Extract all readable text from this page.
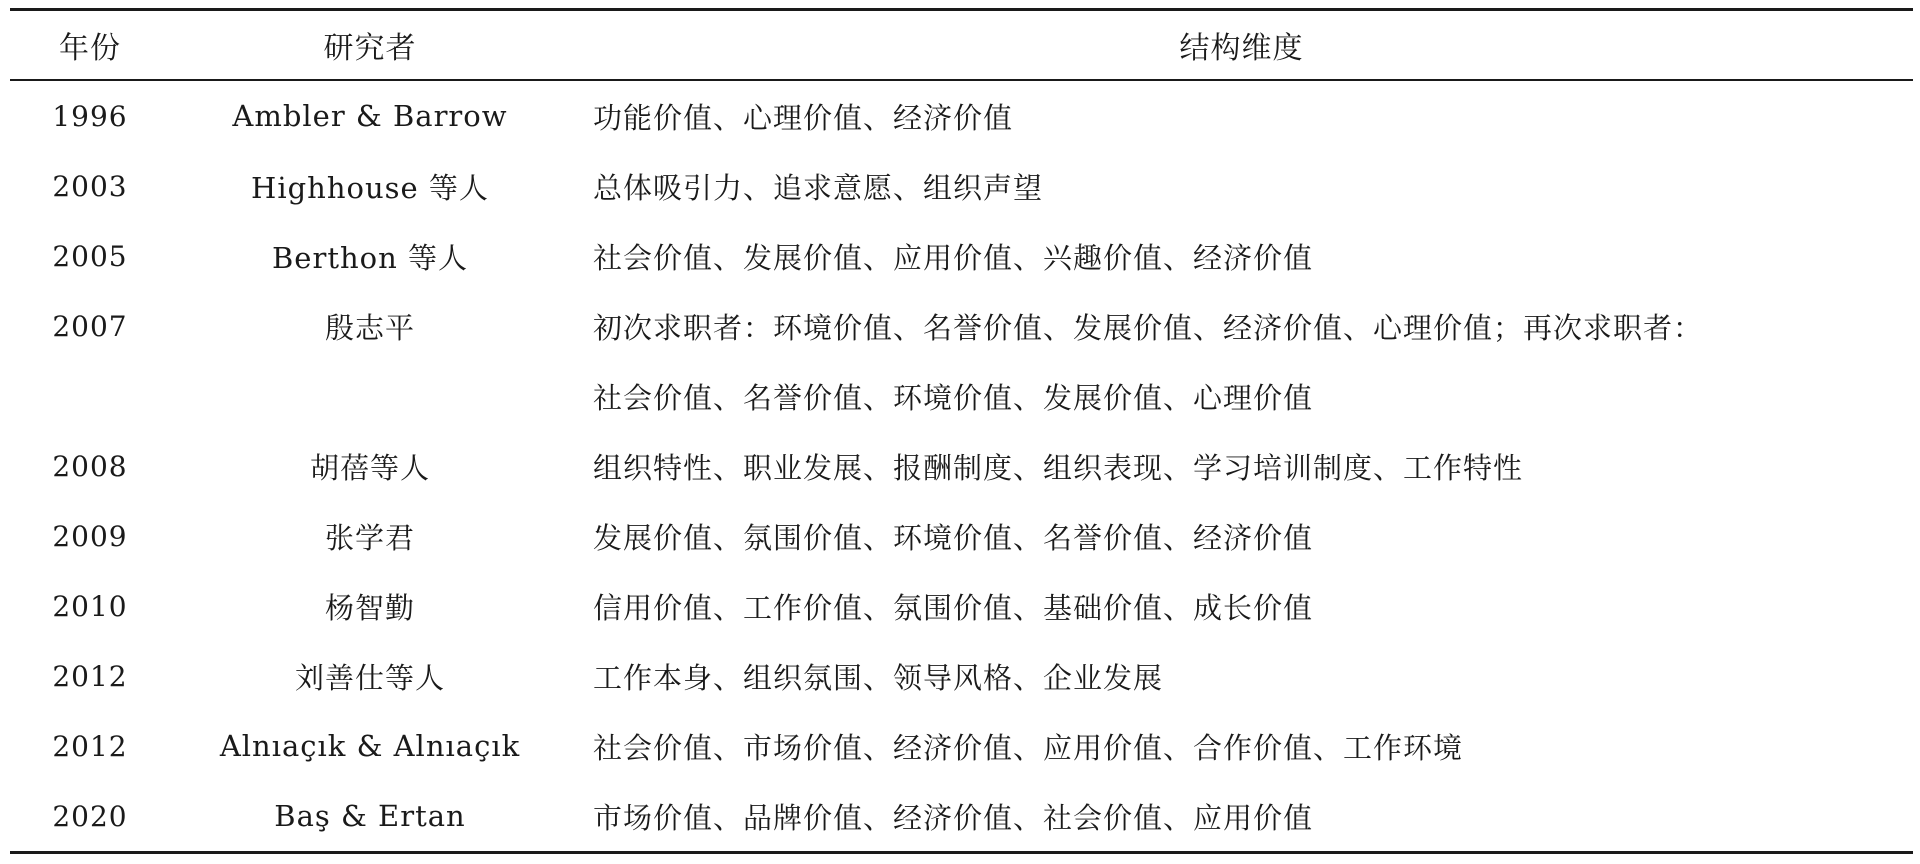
年份	研究者	结构维度
1996	Ambler & Barrow	功能价值、心理价值、经济价值
2003	Highhouse 等人	总体吸引力、追求意愿、组织声望
2005	Berthon 等人	社会价值、发展价值、应用价值、兴趣价值、经济价值
2007	殷志平	初次求职者：环境价值、名誉价值、发展价值、经济价值、心理价值；再次求职者：
社会价值、名誉价值、环境价值、发展价值、心理价值
2008	胡蓓等人	组织特性、职业发展、报酬制度、组织表现、学习培训制度、工作特性
2009	张学君	发展价值、氛围价值、环境价值、名誉价值、经济价值
2010	杨智勤	信用价值、工作价值、氛围价值、基础价值、成长价值
2012	刘善仕等人	工作本身、组织氛围、领导风格、企业发展
2012	Alnıaçık & Alnıaçık	社会价值、市场价值、经济价值、应用价值、合作价值、工作环境
2020	Baş & Ertan	市场价值、品牌价值、经济价值、社会价值、应用价值
